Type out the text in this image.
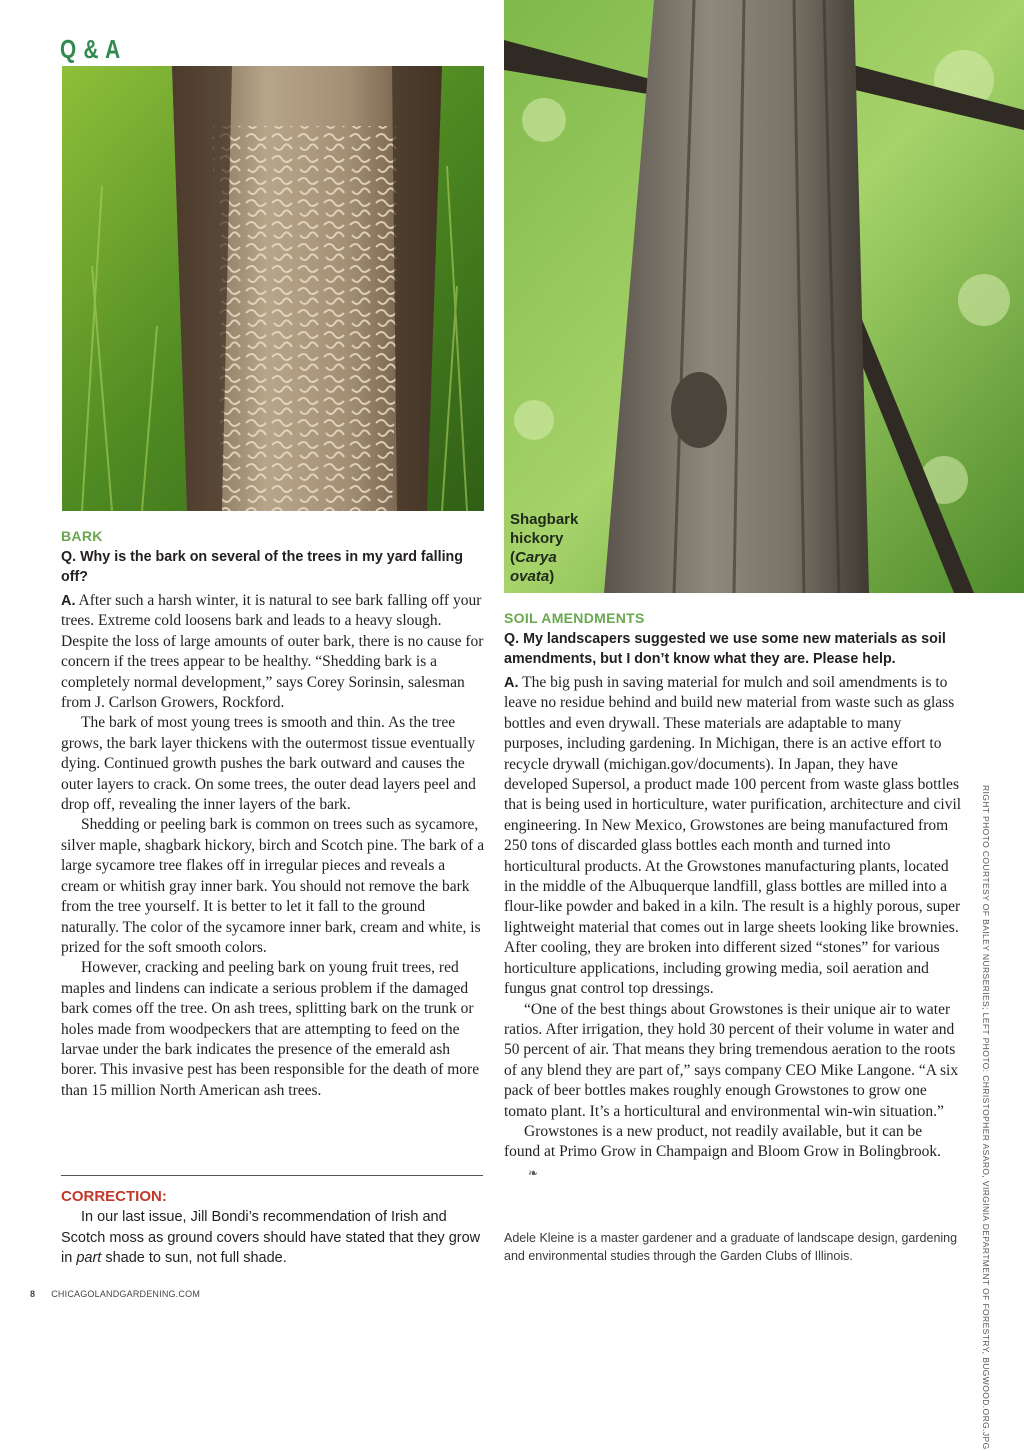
Q & A
Shagbark
hickory
(Carya
ovata)
BARK
Q. Why is the bark on several of the trees in my yard falling off?

A. After such a harsh winter, it is natural to see bark falling off your trees. Extreme cold loosens bark and leads to a heavy slough. Despite the loss of large amounts of outer bark, there is no cause for concern if the trees appear to be healthy. “Shedding bark is a completely normal development,” says Corey Sorinsin, salesman from J. Carlson Growers, Rockford.

The bark of most young trees is smooth and thin. As the tree grows, the bark layer thickens with the outermost tissue eventually dying. Continued growth pushes the bark outward and causes the outer layers to crack. On some trees, the outer dead layers peel and drop off, revealing the inner layers of the bark.

Shedding or peeling bark is common on trees such as sycamore, silver maple, shagbark hickory, birch and Scotch pine. The bark of a large sycamore tree flakes off in irregular pieces and reveals a cream or whitish gray inner bark. You should not remove the bark from the tree yourself. It is better to let it fall to the ground naturally. The color of the sycamore inner bark, cream and white, is prized for the soft smooth colors.

However, cracking and peeling bark on young fruit trees, red maples and lindens can indicate a serious problem if the damaged bark comes off the tree. On ash trees, splitting bark on the trunk or holes made from woodpeckers that are attempting to feed on the larvae under the bark indicates the presence of the emerald ash borer. This invasive pest has been responsible for the death of more than 15 million North American ash trees.

CORRECTION:

In our last issue, Jill Bondi’s recommendation of Irish and Scotch moss as ground covers should have stated that they grow in part shade to sun, not full shade.

SOIL AMENDMENTS
Q. My landscapers suggested we use some new materials as soil amendments, but I don’t know what they are. Please help.

A. The big push in saving material for mulch and soil amendments is to leave no residue behind and build new material from waste such as glass bottles and even drywall. These materials are adaptable to many purposes, including gardening. In Michigan, there is an active effort to recycle drywall (michigan.gov/documents). In Japan, they have developed Supersol, a product made 100 percent from waste glass bottles that is being used in horticulture, water purification, architecture and civil engineering. In New Mexico, Growstones are being manufactured from 250 tons of discarded glass bottles each month and turned into horticultural products. At the Growstones manufacturing plants, located in the middle of the Albuquerque landfill, glass bottles are milled into a flour-like powder and baked in a kiln. The result is a highly porous, super lightweight material that comes out in large sheets looking like brownies. After cooling, they are broken into different sized “stones” for various horticulture applications, including growing media, soil aeration and fungus gnat control top dressings.

“One of the best things about Growstones is their unique air to water ratios. After irrigation, they hold 30 percent of their volume in water and 50 percent of air. That means they bring tremendous aeration to the roots of any blend they are part of,” says company CEO Mike Langone. “A six pack of beer bottles makes roughly enough Growstones to grow one tomato plant. It’s a horticultural and environmental win-win situation.”

Growstones is a new product, not readily available, but it can be found at Primo Grow in Champaign and Bloom Grow in Bolingbrook.❧

Adele Kleine is a master gardener and a graduate of landscape design, gardening and environmental studies through the Garden Clubs of Illinois.	RIGHT PHOTO COURTESY OF BAILEY NURSERIES; LEFT PHOTO: CHRISTOPHER ASARO, VIRGINIA DEPARTMENT OF FORESTRY, BUGWOOD.ORG.JPG
8 CHICAGOLANDGARDENING.COM
